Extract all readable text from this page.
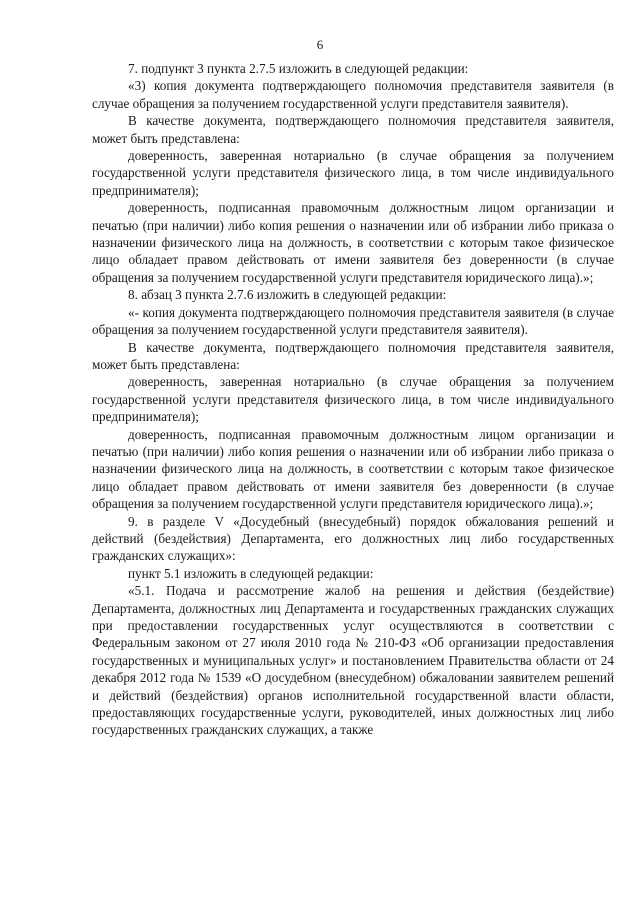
6

7. подпункт 3 пункта 2.7.5 изложить в следующей редакции:

«3) копия документа подтверждающего полномочия представителя заявителя (в случае обращения за получением государственной услуги представителя заявителя).

В качестве документа, подтверждающего полномочия представителя заявителя, может быть представлена:

доверенность, заверенная нотариально (в случае обращения за получением государственной услуги представителя физического лица, в том числе индивидуального предпринимателя);

доверенность, подписанная правомочным должностным лицом организации и печатью (при наличии) либо копия решения о назначении или об избрании либо приказа о назначении физического лица на должность, в соответствии с которым такое физическое лицо обладает правом действовать от имени заявителя без доверенности (в случае обращения за получением государственной услуги представителя юридического лица).»;

8. абзац 3 пункта 2.7.6 изложить в следующей редакции:

«- копия документа подтверждающего полномочия представителя заявителя (в случае обращения за получением государственной услуги представителя заявителя).

В качестве документа, подтверждающего полномочия представителя заявителя, может быть представлена:

доверенность, заверенная нотариально (в случае обращения за получением государственной услуги представителя физического лица, в том числе индивидуального предпринимателя);

доверенность, подписанная правомочным должностным лицом организации и печатью (при наличии) либо копия решения о назначении или об избрании либо приказа о назначении физического лица на должность, в соответствии с которым такое физическое лицо обладает правом действовать от имени заявителя без доверенности (в случае обращения за получением государственной услуги представителя юридического лица).»;

9. в разделе V «Досудебный (внесудебный) порядок обжалования решений и действий (бездействия) Департамента, его должностных лиц либо государственных гражданских служащих»:

пункт 5.1 изложить в следующей редакции:

«5.1. Подача и рассмотрение жалоб на решения и действия (бездействие) Департамента, должностных лиц Департамента и государственных гражданских служащих при предоставлении государственных услуг осуществляются в соответствии с Федеральным законом от 27 июля 2010 года № 210-ФЗ «Об организации предоставления государственных и муниципальных услуг» и постановлением Правительства области от 24 декабря 2012 года № 1539 «О досудебном (внесудебном) обжаловании заявителем решений и действий (бездействия) органов исполнительной государственной власти области, предоставляющих государственные услуги, руководителей, иных должностных лиц либо государственных гражданских служащих, а также
